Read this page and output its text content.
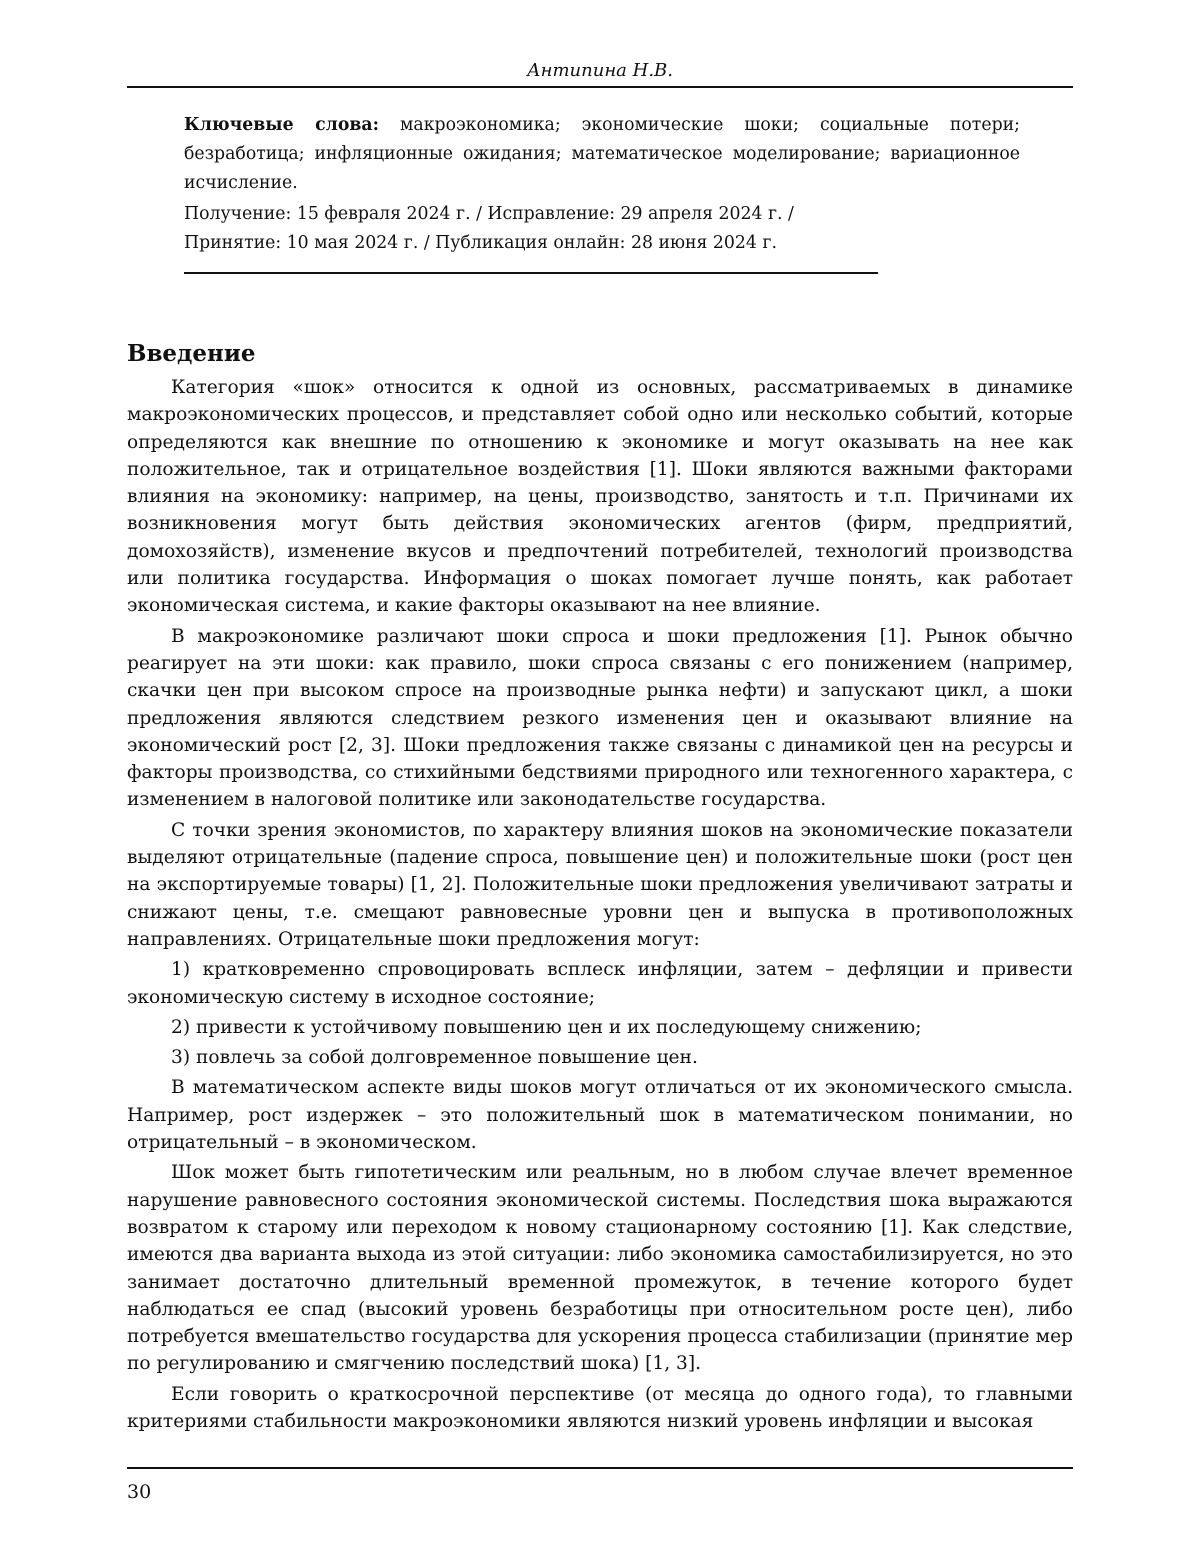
Антипина Н.В.
Ключевые слова: макроэкономика; экономические шоки; социальные потери; безработица; инфляционные ожидания; математическое моделирование; вариационное исчисление.
Получение: 15 февраля 2024 г. / Исправление: 29 апреля 2024 г. /
Принятие: 10 мая 2024 г. / Публикация онлайн: 28 июня 2024 г.
Введение

Категория «шок» относится к одной из основных, рассматриваемых в динамике макроэкономических процессов, и представляет собой одно или несколько событий, которые определяются как внешние по отношению к экономике и могут оказывать на нее как положительное, так и отрицательное воздействия [1]. Шоки являются важными факторами влияния на экономику: например, на цены, производство, занятость и т.п. Причинами их возникновения могут быть действия экономических агентов (фирм, предприятий, домохозяйств), изменение вкусов и предпочтений потребителей, технологий производства или политика государства. Информация о шоках помогает лучше понять, как работает экономическая система, и какие факторы оказывают на нее влияние.

В макроэкономике различают шоки спроса и шоки предложения [1]. Рынок обычно реагирует на эти шоки: как правило, шоки спроса связаны с его понижением (например, скачки цен при высоком спросе на производные рынка нефти) и запускают цикл, а шоки предложения являются следствием резкого изменения цен и оказывают влияние на экономический рост [2, 3]. Шоки предложения также связаны с динамикой цен на ресурсы и факторы производства, со стихийными бедствиями природного или техногенного характера, с изменением в налоговой политике или законодательстве государства.

С точки зрения экономистов, по характеру влияния шоков на экономические показатели выделяют отрицательные (падение спроса, повышение цен) и положительные шоки (рост цен на экспортируемые товары) [1, 2]. Положительные шоки предложения увеличивают затраты и снижают цены, т.е. смещают равновесные уровни цен и выпуска в противоположных направлениях. Отрицательные шоки предложения могут:

1) кратковременно спровоцировать всплеск инфляции, затем – дефляции и привести экономическую систему в исходное состояние;

2) привести к устойчивому повышению цен и их последующему снижению;

3) повлечь за собой долговременное повышение цен.

В математическом аспекте виды шоков могут отличаться от их экономического смысла. Например, рост издержек – это положительный шок в математическом понимании, но отрицательный – в экономическом.

Шок может быть гипотетическим или реальным, но в любом случае влечет временное нарушение равновесного состояния экономической системы. Последствия шока выражаются возвратом к старому или переходом к новому стационарному состоянию [1]. Как следствие, имеются два варианта выхода из этой ситуации: либо экономика самостабилизируется, но это занимает достаточно длительный временной промежуток, в течение которого будет наблюдаться ее спад (высокий уровень безработицы при относительном росте цен), либо потребуется вмешательство государства для ускорения процесса стабилизации (принятие мер по регулированию и смягчению последствий шока) [1, 3].

Если говорить о краткосрочной перспективе (от месяца до одного года), то главными критериями стабильности макроэкономики являются низкий уровень инфляции и высокая

30
